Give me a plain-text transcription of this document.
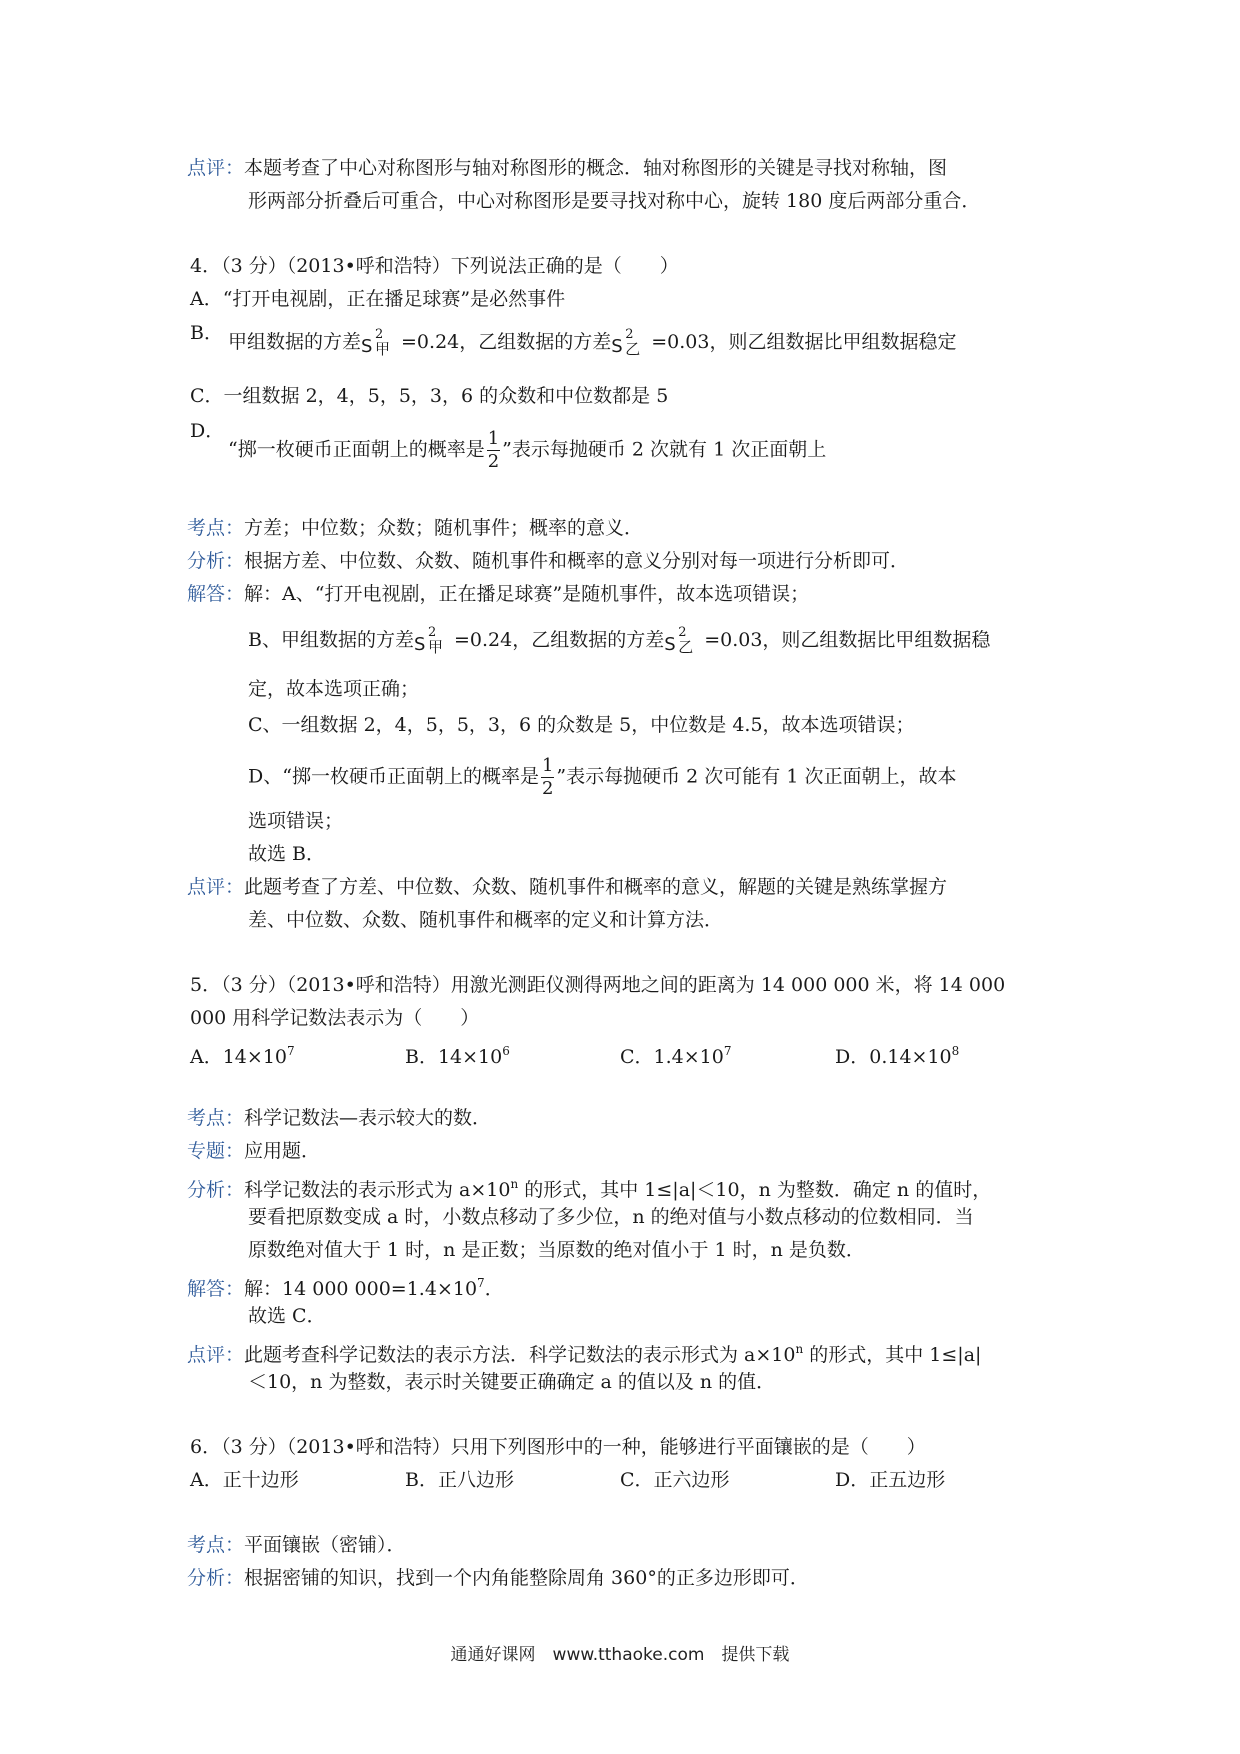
点评：本题考查了中心对称图形与轴对称图形的概念．轴对称图形的关键是寻找对称轴，图
形两部分折叠后可重合，中心对称图形是要寻找对称中心，旋转 180 度后两部分重合．
4．（3 分）（2013•呼和浩特）下列说法正确的是（　　）
A．“打开电视剧，正在播足球赛”是必然事件
B． 甲组数据的方差 S
2
甲 =0.24，乙组数据的方差 S
2
乙 =0.03，则乙组数据比甲组数据稳定
C．一组数据 2，4，5，5，3，6 的众数和中位数都是 5
D．
“掷一枚硬币正面朝上的概率是 $\frac{1}{2}$ ”表示每抛硬币 2 次就有 1 次正面朝上
考点：方差；中位数；众数；随机事件；概率的意义．
分析：根据方差、中位数、众数、随机事件和概率的意义分别对每一项进行分析即可．
解答：解：A、“打开电视剧，正在播足球赛”是随机事件，故本选项错误；
B、甲组数据的方差 S
2
甲 =0.24，乙组数据的方差 S
2
乙 =0.03，则乙组数据比甲组数据稳
定，故本选项正确；
C、一组数据 2，4，5，5，3，6 的众数是 5，中位数是 4.5，故本选项错误；
D、“掷一枚硬币正面朝上的概率是 $\frac{1}{2}$ ”表示每抛硬币 2 次可能有 1 次正面朝上，故本
选项错误；
故选 B．
点评：此题考查了方差、中位数、众数、随机事件和概率的意义，解题的关键是熟练掌握方
差、中位数、众数、随机事件和概率的定义和计算方法．
5．（3 分）（2013•呼和浩特）用激光测距仪测得两地之间的距离为 14 000 000 米，将 14 000
000 用科学记数法表示为（　　）
A．$14\times 10^7$	B．$14\times 10^6$	C．$1.4\times 10^7$	D．$0.14\times 10^8$
考点：科学记数法—表示较大的数．
专题：应用题．
分析：科学记数法的表示形式为 $a\times 10^n$ 的形式，其中 1≤|a|＜10，n 为整数．确定 n 的值时，
要看把原数变成 a 时，小数点移动了多少位，n 的绝对值与小数点移动的位数相同．当
原数绝对值大于 1 时，n 是正数；当原数的绝对值小于 1 时，n 是负数．
解答：解：14 000 $000=1.4\times 10^7$．
故选 C．
点评：此题考查科学记数法的表示方法．科学记数法的表示形式为 $a\times 10^n$ 的形式，其中 1≤|a|
＜10，n 为整数，表示时关键要正确确定 a 的值以及 n 的值．
6．（3 分）（2013•呼和浩特）只用下列图形中的一种，能够进行平面镶嵌的是（　　）
A．正十边形	B．正八边形	C．正六边形	D．正五边形
考点：平面镶嵌（密铺）．
分析：根据密铺的知识，找到一个内角能整除周角 360°的正多边形即可．
通通好课网　www.tthaoke.com　提供下载
